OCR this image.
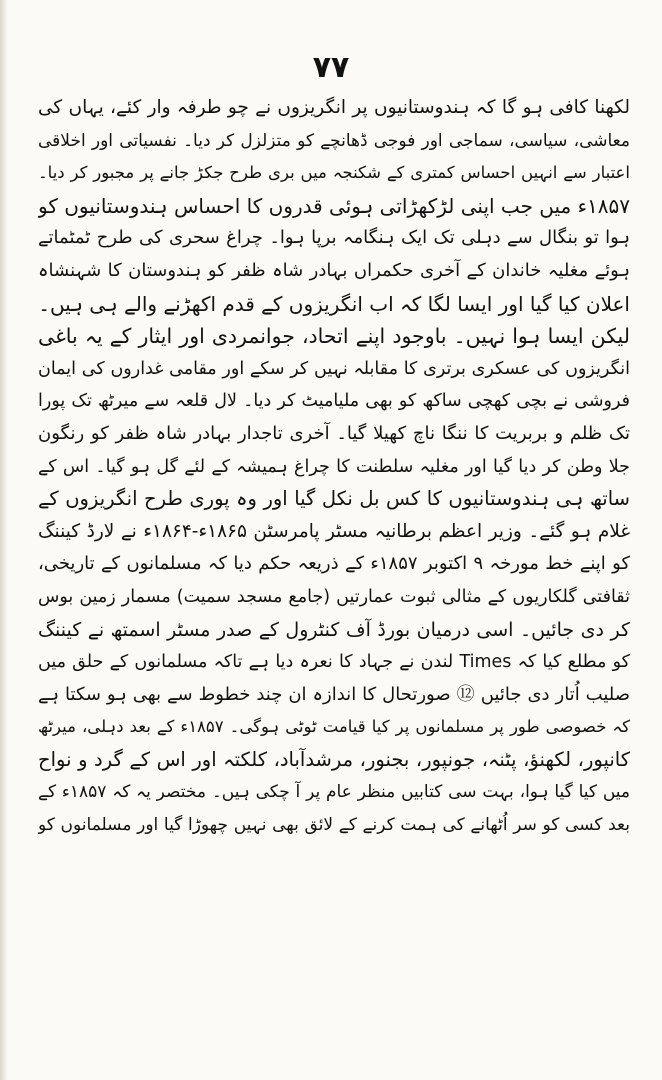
۷۷
لکھنا کافی ہو گا کہ ہندوستانیوں پر انگریزوں نے چو طرفہ وار کئے، یہاں کی
معاشی، سیاسی، سماجی اور فوجی ڈھانچے کو متزلزل کر دیا۔ نفسیاتی اور اخلاقی
اعتبار سے انہیں احساس کمتری کے شکنجہ میں بری طرح جکڑ جانے پر مجبور کر دیا۔
۱۸۵۷ء میں جب اپنی لڑکھڑاتی ہوئی قدروں کا احساس ہندوستانیوں کو
ہوا تو بنگال سے دہلی تک ایک ہنگامہ برپا ہوا۔ چراغ سحری کی طرح ٹمٹماتے
ہوئے مغلیہ خاندان کے آخری حکمراں بہادر شاہ ظفر کو ہندوستان کا شہنشاہ
اعلان کیا گیا اور ایسا لگا کہ اب انگریزوں کے قدم اکھڑنے والے ہی ہیں۔
لیکن ایسا ہوا نہیں۔ باوجود اپنے اتحاد، جوانمردی اور ایثار کے یہ باغی
انگریزوں کی عسکری برتری کا مقابلہ نہیں کر سکے اور مقامی غداروں کی ایمان
فروشی نے بچی کھچی ساکھ کو بھی ملیامیٹ کر دیا۔ لال قلعہ سے میرٹھ تک پورا
تک ظلم و بربریت کا ننگا ناچ کھیلا گیا۔ آخری تاجدار بہادر شاہ ظفر کو رنگون
جلا وطن کر دیا گیا اور مغلیہ سلطنت کا چراغ ہمیشہ کے لئے گل ہو گیا۔ اس کے
ساتھ ہی ہندوستانیوں کا کس بل نکل گیا اور وہ پوری طرح انگریزوں کے
غلام ہو گئے۔ وزیر اعظم برطانیہ مسٹر پامرسٹن ۱۸۶۵ء-۱۸۶۴ء نے لارڈ کیننگ
کو اپنے خط مورخہ ۹ اکتوبر ۱۸۵۷ء کے ذریعہ حکم دیا کہ مسلمانوں کے تاریخی،
ثقافتی گلکاریوں کے مثالی ثبوت عمارتیں (جامع مسجد سمیت) مسمار زمین بوس
کر دی جائیں۔ اسی درمیان بورڈ آف کنٹرول کے صدر مسٹر اسمتھ نے کیننگ
کو مطلع کیا کہ Times لندن نے جہاد کا نعرہ دیا ہے تاکہ مسلمانوں کے حلق میں
صلیب اُتار دی جائیں ⑫ صورتحال کا اندازہ ان چند خطوط سے بھی ہو سکتا ہے
کہ خصوصی طور پر مسلمانوں پر کیا قیامت ٹوٹی ہوگی۔ ۱۸۵۷ء کے بعد دہلی، میرٹھ
کانپور، لکھنؤ، پٹنہ، جونپور، بجنور، مرشدآباد، کلکتہ اور اس کے گرد و نواح
میں کیا گیا ہوا، بہت سی کتابیں منظر عام پر آ چکی ہیں۔ مختصر یہ کہ ۱۸۵۷ء کے
بعد کسی کو سر اُٹھانے کی ہمت کرنے کے لائق بھی نہیں چھوڑا گیا اور مسلمانوں کو
